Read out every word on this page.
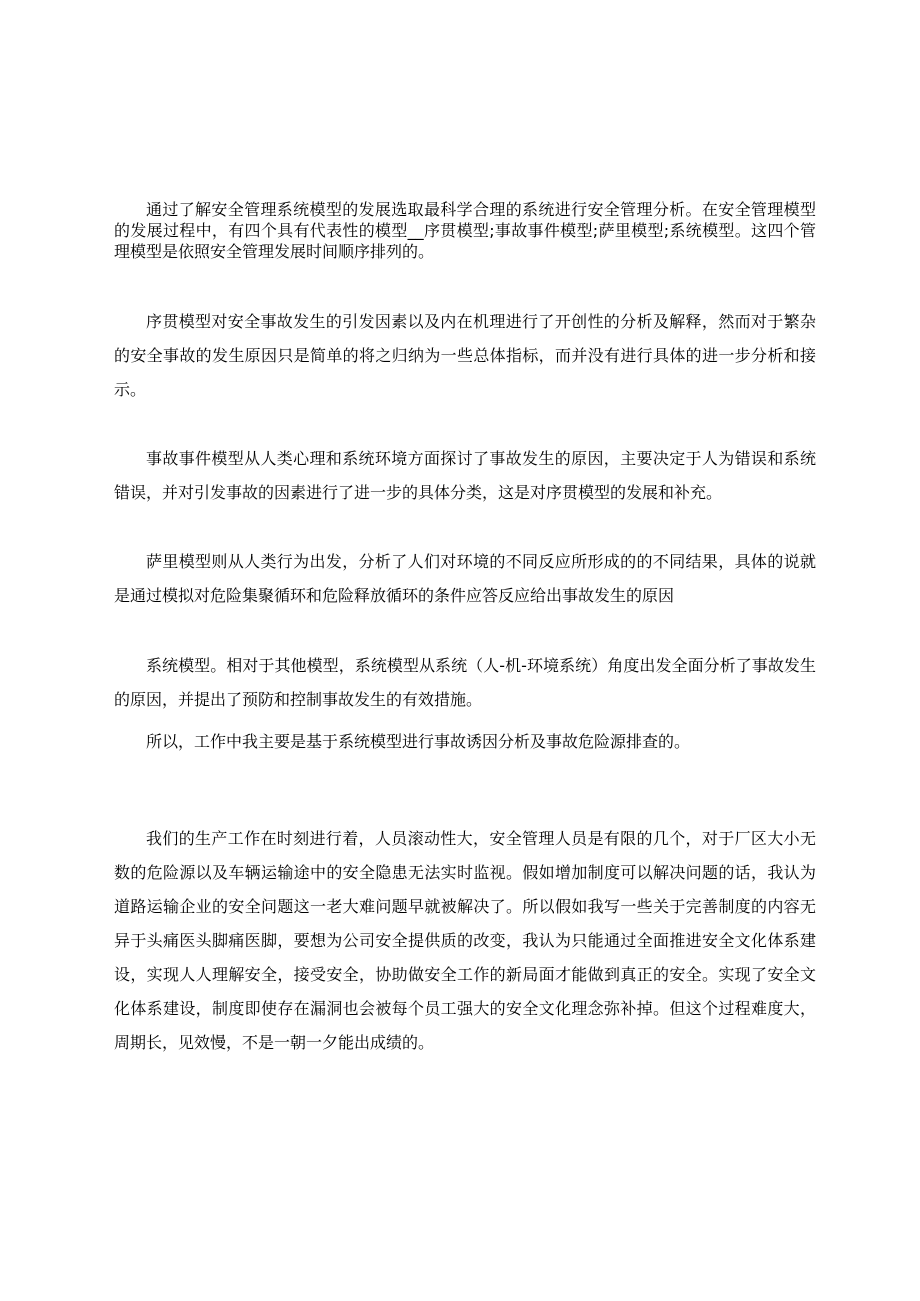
通过了解安全管理系统模型的发展选取最科学合理的系统进行安全管理分析。在安全管理模型的发展过程中，有四个具有代表性的模型__序贯模型;事故事件模型;萨里模型;系统模型。这四个管理模型是依照安全管理发展时间顺序排列的。

序贯模型对安全事故发生的引发因素以及内在机理进行了开创性的分析及解释，然而对于繁杂的安全事故的发生原因只是简单的将之归纳为一些总体指标，而并没有进行具体的进一步分析和接示。

事故事件模型从人类心理和系统环境方面探讨了事故发生的原因，主要决定于人为错误和系统错误，并对引发事故的因素进行了进一步的具体分类，这是对序贯模型的发展和补充。

萨里模型则从人类行为出发，分析了人们对环境的不同反应所形成的的不同结果，具体的说就是通过模拟对危险集聚循环和危险释放循环的条件应答反应给出事故发生的原因

系统模型。相对于其他模型，系统模型从系统（人-机-环境系统）角度出发全面分析了事故发生的原因，并提出了预防和控制事故发生的有效措施。

所以，工作中我主要是基于系统模型进行事故诱因分析及事故危险源排查的。

我们的生产工作在时刻进行着，人员滚动性大，安全管理人员是有限的几个，对于厂区大小无数的危险源以及车辆运输途中的安全隐患无法实时监视。假如增加制度可以解决问题的话，我认为道路运输企业的安全问题这一老大难问题早就被解决了。所以假如我写一些关于完善制度的内容无异于头痛医头脚痛医脚，要想为公司安全提供质的改变，我认为只能通过全面推进安全文化体系建设，实现人人理解安全，接受安全，协助做安全工作的新局面才能做到真正的安全。实现了安全文化体系建设，制度即使存在漏洞也会被每个员工强大的安全文化理念弥补掉。但这个过程难度大，周期长，见效慢，不是一朝一夕能出成绩的。
